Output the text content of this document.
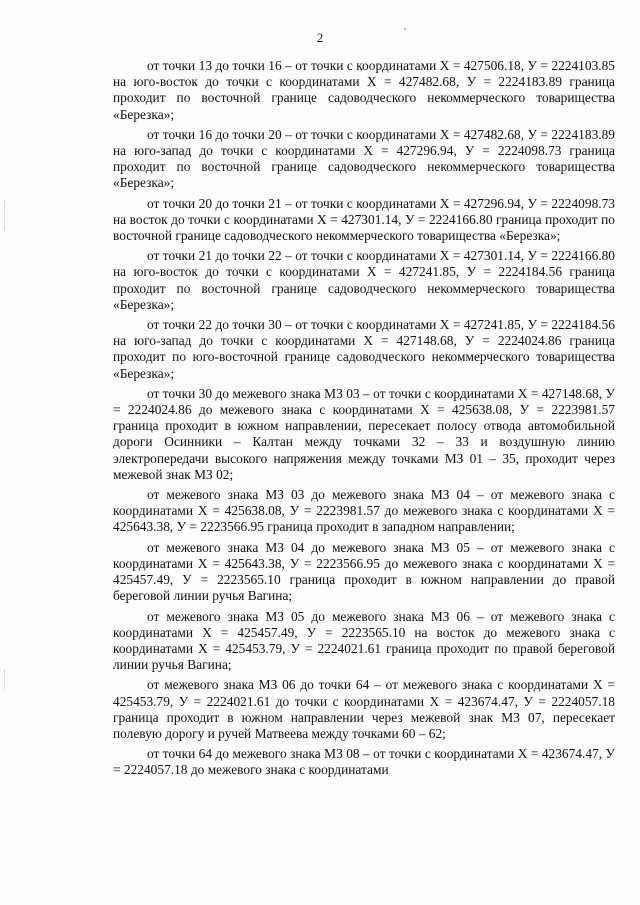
2

от точки 13 до точки 16 – от точки с координатами Х = 427506.18, У = 2224103.85 на юго-восток до точки с координатами Х = 427482.68, У = 2224183.89 граница проходит по восточной границе садоводческого некоммерческого товарищества «Березка»;

от точки 16 до точки 20 – от точки с координатами Х = 427482.68, У = 2224183.89 на юго-запад до точки с координатами Х = 427296.94, У = 2224098.73 граница проходит по восточной границе садоводческого некоммерческого товарищества «Березка»;

от точки 20 до точки 21 – от точки с координатами Х = 427296.94, У = 2224098.73 на восток до точки с координатами Х = 427301.14, У = 2224166.80 граница проходит по восточной границе садоводческого некоммерческого товарищества «Березка»;

от точки 21 до точки 22 – от точки с координатами Х = 427301.14, У = 2224166.80 на юго-восток до точки с координатами Х = 427241.85, У = 2224184.56 граница проходит по восточной границе садоводческого некоммерческого товарищества «Березка»;

от точки 22 до точки 30 – от точки с координатами Х = 427241.85, У = 2224184.56 на юго-запад до точки с координатами Х = 427148.68, У = 2224024.86 граница проходит по юго-восточной границе садоводческого некоммерческого товарищества «Березка»;

от точки 30 до межевого знака МЗ 03 – от точки с координатами Х = 427148.68, У = 2224024.86 до межевого знака с координатами Х = 425638.08, У = 2223981.57 граница проходит в южном направлении, пересекает полосу отвода автомобильной дороги Осинники – Калтан между точками 32 – 33 и воздушную линию электропередачи высокого напряжения между точками МЗ 01 – 35, проходит через межевой знак МЗ 02;

от межевого знака МЗ 03 до межевого знака МЗ 04 – от межевого знака с координатами Х = 425638.08, У = 2223981.57 до межевого знака с координатами Х = 425643.38, У = 2223566.95 граница проходит в западном направлении;

от межевого знака МЗ 04 до межевого знака МЗ 05 – от межевого знака с координатами Х = 425643.38, У = 2223566.95 до межевого знака с координатами Х = 425457.49, У = 2223565.10 граница проходит в южном направлении до правой береговой линии ручья Вагина;

от межевого знака МЗ 05 до межевого знака МЗ 06 – от межевого знака с координатами Х = 425457.49, У = 2223565.10 на восток до межевого знака с координатами Х = 425453.79, У = 2224021.61 граница проходит по правой береговой линии ручья Вагина;

от межевого знака МЗ 06 до точки 64 – от межевого знака с координатами Х = 425453.79, У = 2224021.61 до точки с координатами Х = 423674.47, У = 2224057.18 граница проходит в южном направлении через межевой знак МЗ 07, пересекает полевую дорогу и ручей Матвеева между точками 60 – 62;

от точки 64 до межевого знака МЗ 08 – от точки с координатами Х = 423674.47, У = 2224057.18 до межевого знака с координатами
